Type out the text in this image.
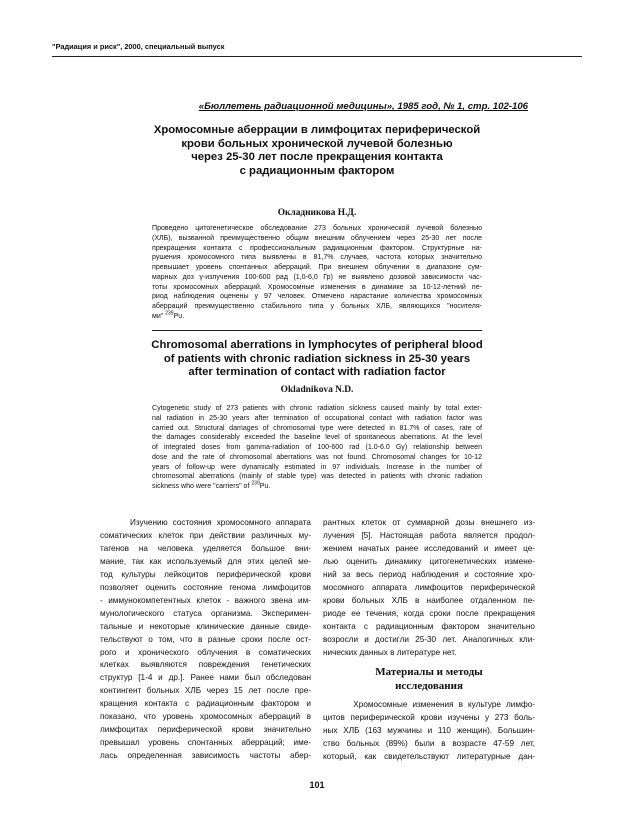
"Радиация и риск", 2000, специальный выпуск
«Бюллетень радиационной медицины», 1985 год, № 1, стр. 102-106
Хромосомные аберрации в лимфоцитах периферической
крови больных хронической лучевой болезнью
через 25-30 лет после прекращения контакта
с радиационным фактором
Окладникова Н.Д.
Проведено цитогенетическое обследование 273 больных хронической лучевой болезнью
(ХЛБ), вызванной преимущественно общим внешним облучением через 25-30 лет после
прекращения контакта с профессиональным радиационным фактором. Структурные на-
рушения хромосомного типа выявлены в 81,7% случаев, частота которых значительно
превышает уровень спонтанных аберраций. При внешнем облучении в диапазоне сум-
марных доз γ-излучения 100-600 рад (1,0-6,0 Гр) не выявлено дозовой зависимости час-
тоты хромосомных аберраций. Хромосомные изменения в динамике за 10-12-летний пе-
риод наблюдения оценены у 97 человек. Отмечено нарастание количества хромосомных
аберраций преимущественно стабильного типа у больных ХЛБ, являющихся "носителя-
ми" $^{239}$Pu.
Chromosomal aberrations in lymphocytes of peripheral blood
of patients with chronic radiation sickness in 25-30 years
after termination of contact with radiation factor
Okladnikova N.D.
Cytogenetic study of 273 patients with chronic radiation sickness caused mainly by total exter-
nal radiation in 25-30 years after termination of occupational contact with radiation factor was
carried out. Structural damages of chromosomal type were detected in 81.7% of cases, rate of
the damages considerably exceeded the baseline level of spontaneous aberrations. At the level
of integrated doses from gamma-radiation of 100-600 rad (1.0-6.0 Gy) relationship between
dose and the rate of chromosomal aberrations was not found. Chromosomal changes for 10-12
years of follow-up were dynamically estimated in 97 individuals. Increase in the number of
chromosomal aberrations (mainly of stable type) was detected in patients with chronic radiation
sickness who were "carriers" of $^{239}$Pu.
Изучению состояния хромосомного аппарата
соматических клеток при действии различных му-
тагенов на человека уделяется большое вни-
мание, так как используемый для этих целей ме-
тод культуры лейкоцитов периферической крови
позволяет оценить состояние генома лимфоцитов
- иммунокомпетентных клеток - важного звена им-
мунологического статуса организма. Эксперимен-
тальные и некоторые клинические данные свиде-
тельствуют о том, что в разные сроки после ост-
рого и хронического облучения в соматических
клетках выявляются повреждения генетических
структур [1-4 и др.]. Ранее нами был обследован
контингент больных ХЛБ через 15 лет после пре-
кращения контакта с радиационным фактором и
показано, что уровень хромосомных аберраций в
лимфоцитах периферической крови значительно
превышал уровень спонтанных аберраций; име-
лась определенная зависимость частоты абер-
рантных клеток от суммарной дозы внешнего из-
лучения [5]. Настоящая работа является продол-
жением начатых ранее исследований и имеет це-
лью оценить динамику цитогенетических измене-
ний за весь период наблюдения и состояние хро-
мосомного аппарата лимфоцитов периферической
крови больных ХЛБ в наиболее отдаленном пе-
риоде ее течения, когда сроки после прекращения
контакта с радиационным фактором значительно
возросли и достигли 25-30 лет. Аналогичных кли-
нических данных в литературе нет.
Материалы и методы
исследования
Хромосомные изменения в культуре лимфо-
цитов периферической крови изучены у 273 боль-
ных ХЛБ (163 мужчины и 110 женщин). Большин-
ство больных (89%) были в возрасте 47-59 лет,
который, как свидетельствуют литературные дан-
101
